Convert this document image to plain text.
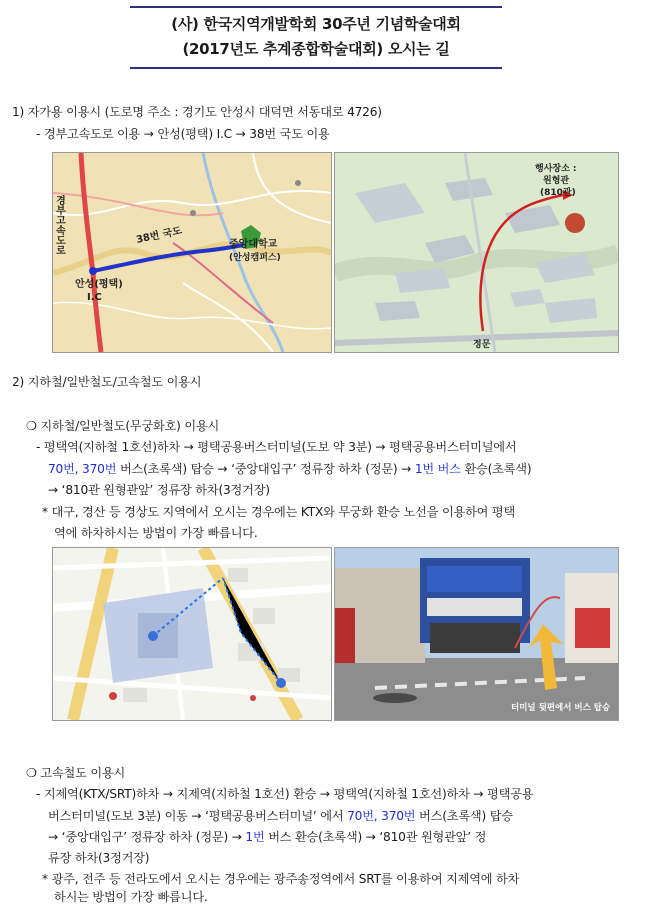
(사) 한국지역개발학회 30주년 기념학술대회
(2017년도 추계종합학술대회) 오시는 길
1) 자가용 이용시 (도로명 주소 : 경기도 안성시 대덕면 서동대로 4726)
- 경부고속도로 이용 → 안성(평택) I.C → 38번 국도 이용
경부고속도로	38번 국도	중앙대학교
(안성캠퍼스)
안성(평택)
I.C
행사장소 :
원형관
(810관)
정문
2) 지하철/일반철도/고속철도 이용시
❍ 지하철/일반철도(무궁화호) 이용시
- 평택역(지하철 1호선)하차 → 평택공용버스터미널(도보 약 3분) → 평택공용버스터미널에서
70번, 370번 버스(초록색) 탑승 → ‘중앙대입구’ 정류장 하차 (정문) → 1번 버스 환승(초록색)
→ ‘810관 원형관앞’ 정류장 하차(3정거장)
* 대구, 경산 등 경상도 지역에서 오시는 경우에는 KTX와 무궁화 환승 노선을 이용하여 평택
역에 하차하시는 방법이 가장 빠릅니다.
터미널 뒷편에서 버스 탑승
❍ 고속철도 이용시
- 지제역(KTX/SRT)하차 → 지제역(지하철 1호선) 환승 → 평택역(지하철 1호선)하차 → 평택공용
버스터미널(도보 3분) 이동 → ‘평택공용버스터미널’ 에서 70번, 370번 버스(초록색) 탑승
→ ‘중앙대입구’ 정류장 하차 (정문) → 1번 버스 환승(초록색) → ‘810관 원형관앞’ 정
류장 하차(3정거장)
* 광주, 전주 등 전라도에서 오시는 경우에는 광주송정역에서 SRT를 이용하여 지제역에 하차
하시는 방법이 가장 빠릅니다.
